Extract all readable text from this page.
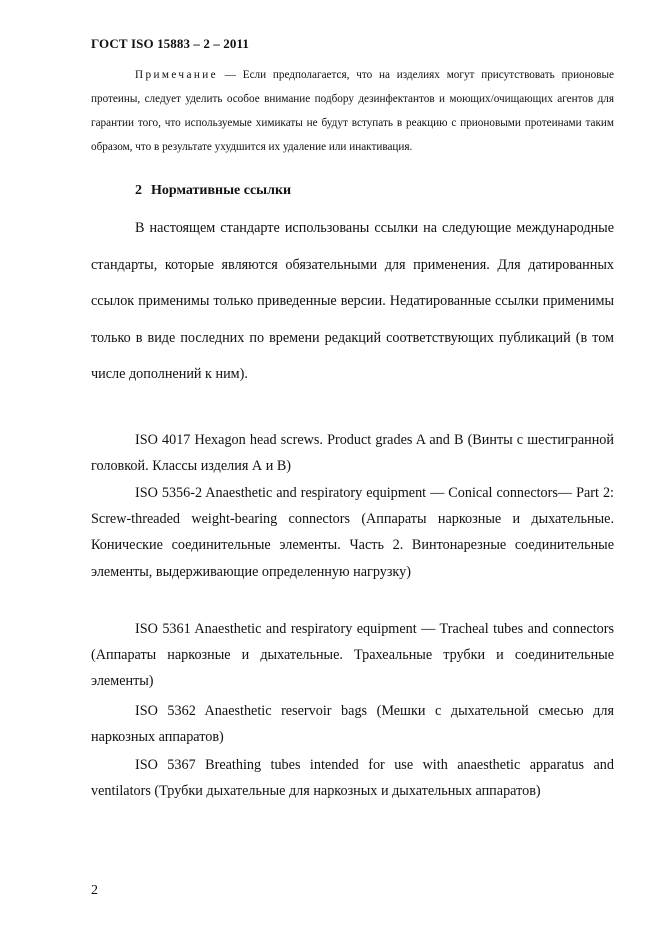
ГОСТ ISO 15883 – 2 – 2011
Примечание — Если предполагается, что на изделиях могут присутствовать прионовые протеины, следует уделить особое внимание подбору дезинфектантов и моющих/очищающих агентов для гарантии того, что используемые химикаты не будут вступать в реакцию с прионовыми протеинами таким образом, что в результате ухудшится их удаление или инактивация.
2 Нормативные ссылки

В настоящем стандарте использованы ссылки на следующие международные стандарты, которые являются обязательными для применения. Для датированных ссылок применимы только приведенные версии. Недатированные ссылки применимы только в виде последних по времени редакций соответствующих публикаций (в том числе дополнений к ним).

ISO 4017 Hexagon head screws. Product grades A and B (Винты с шестигранной головкой. Классы изделия А и В)

ISO 5356-2 Anaesthetic and respiratory equipment — Conical connectors— Part 2: Screw-threaded weight-bearing connectors (Аппараты наркозные и дыхательные. Конические соединительные элементы. Часть 2. Винтонарезные соединительные элементы, выдерживающие определенную нагрузку)

ISO 5361 Anaesthetic and respiratory equipment — Tracheal tubes and connectors (Аппараты наркозные и дыхательные. Трахеальные трубки и соединительные элементы)

ISO 5362 Anaesthetic reservoir bags (Мешки с дыхательной смесью для наркозных аппаратов)

ISO 5367 Breathing tubes intended for use with anaesthetic apparatus and ventilators (Трубки дыхательные для наркозных и дыхательных аппаратов)

2
